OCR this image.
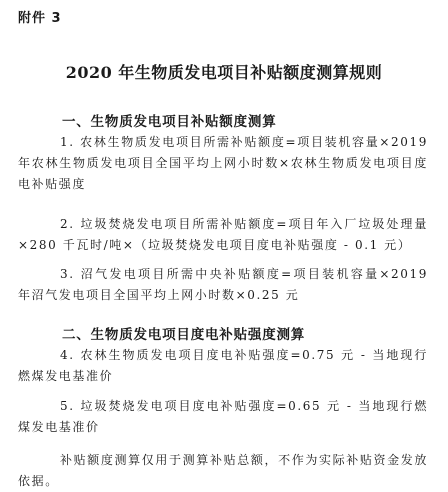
附件 3
2020 年生物质发电项目补贴额度测算规则
一、生物质发电项目补贴额度测算
1. 农林生物质发电项目所需补贴额度=项目装机容量×2019 年农林生物质发电项目全国平均上网小时数×农林生物质发电项目度电补贴强度
2. 垃圾焚烧发电项目所需补贴额度=项目年入厂垃圾处理量×280 千瓦时/吨×（垃圾焚烧发电项目度电补贴强度 - 0.1 元）
3. 沼气发电项目所需中央补贴额度=项目装机容量×2019 年沼气发电项目全国平均上网小时数×0.25 元
二、生物质发电项目度电补贴强度测算
4. 农林生物质发电项目度电补贴强度=0.75 元 - 当地现行燃煤发电基准价
5. 垃圾焚烧发电项目度电补贴强度=0.65 元 - 当地现行燃煤发电基准价
补贴额度测算仅用于测算补贴总额，不作为实际补贴资金发放依据。
